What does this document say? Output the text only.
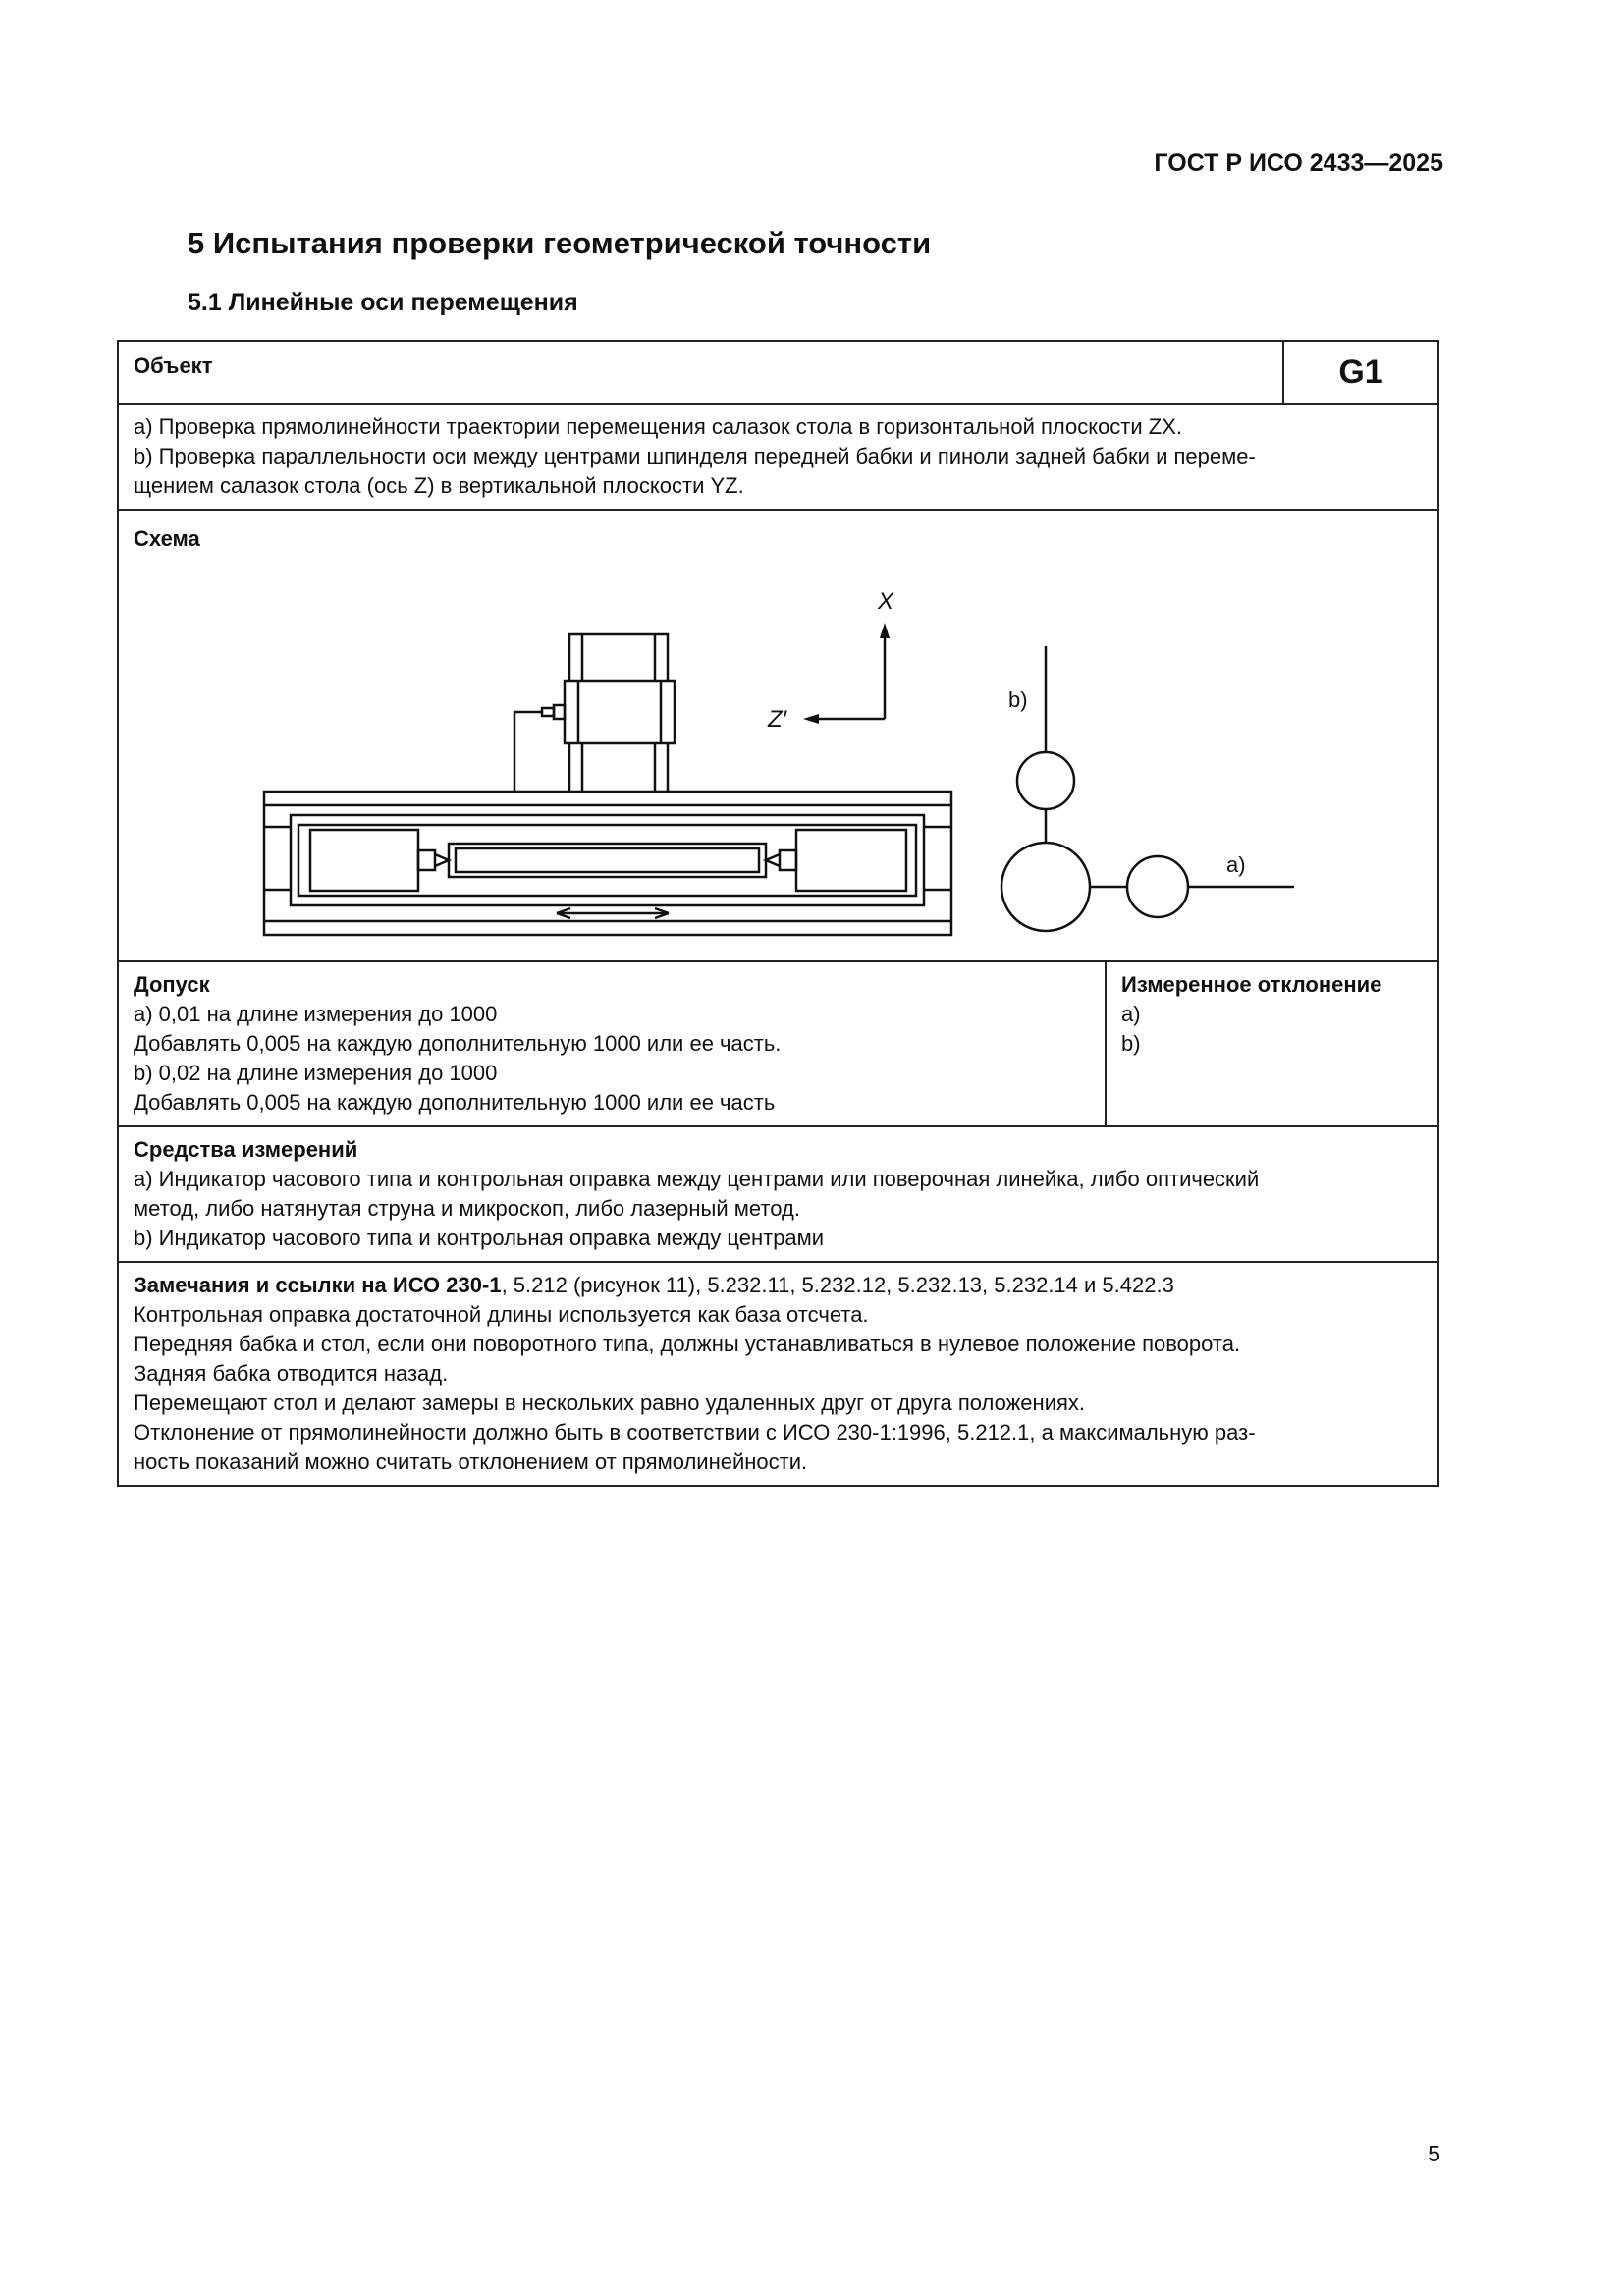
ГОСТ Р ИСО 2433—2025
5 Испытания проверки геометрической точности
5.1 Линейные оси перемещения
Объект	G1

a) Проверка прямолинейности траектории перемещения салазок стола в горизонтальной плоскости ZX.

b) Проверка параллельности оси между центрами шпинделя передней бабки и пиноли задней бабки и переме-

щением салазок стола (ось Z) в вертикальной плоскости YZ.

Схема
X
Z′
b)
a)

Допуск

a) 0,01 на длине измерения до 1000

Добавлять 0,005 на каждую дополнительную 1000 или ее часть.

b) 0,02 на длине измерения до 1000

Добавлять 0,005 на каждую дополнительную 1000 или ее часть

Измеренное отклонение

a)

b)

Средства измерений

a) Индикатор часового типа и контрольная оправка между центрами или поверочная линейка, либо оптический

метод, либо натянутая струна и микроскоп, либо лазерный метод.

b) Индикатор часового типа и контрольная оправка между центрами

Замечания и ссылки на ИСО 230-1, 5.212 (рисунок 11), 5.232.11, 5.232.12, 5.232.13, 5.232.14 и 5.422.3

Контрольная оправка достаточной длины используется как база отсчета.

Передняя бабка и стол, если они поворотного типа, должны устанавливаться в нулевое положение поворота.

Задняя бабка отводится назад.

Перемещают стол и делают замеры в нескольких равно удаленных друг от друга положениях.

Отклонение от прямолинейности должно быть в соответствии с ИСО 230-1:1996, 5.212.1, а максимальную раз-

ность показаний можно считать отклонением от прямолинейности.

5
